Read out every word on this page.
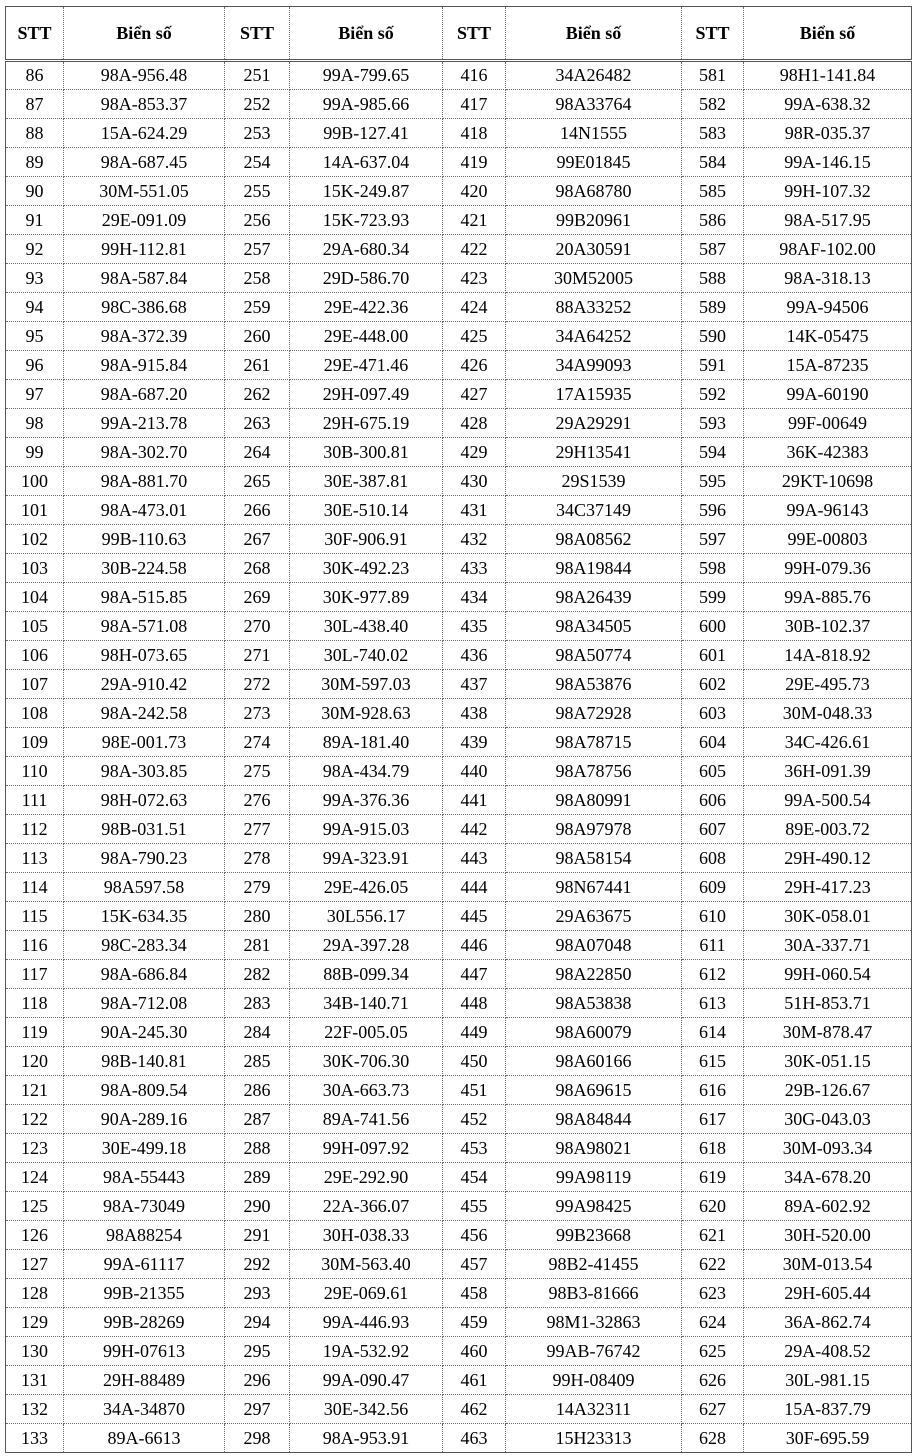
STT	Biển số	STT	Biển số	STT	Biển số	STT	Biển số
86	98A-956.48	251	99A-799.65	416	34A26482	581	98H1-141.84
87	98A-853.37	252	99A-985.66	417	98A33764	582	99A-638.32
88	15A-624.29	253	99B-127.41	418	14N1555	583	98R-035.37
89	98A-687.45	254	14A-637.04	419	99E01845	584	99A-146.15
90	30M-551.05	255	15K-249.87	420	98A68780	585	99H-107.32
91	29E-091.09	256	15K-723.93	421	99B20961	586	98A-517.95
92	99H-112.81	257	29A-680.34	422	20A30591	587	98AF-102.00
93	98A-587.84	258	29D-586.70	423	30M52005	588	98A-318.13
94	98C-386.68	259	29E-422.36	424	88A33252	589	99A-94506
95	98A-372.39	260	29E-448.00	425	34A64252	590	14K-05475
96	98A-915.84	261	29E-471.46	426	34A99093	591	15A-87235
97	98A-687.20	262	29H-097.49	427	17A15935	592	99A-60190
98	99A-213.78	263	29H-675.19	428	29A29291	593	99F-00649
99	98A-302.70	264	30B-300.81	429	29H13541	594	36K-42383
100	98A-881.70	265	30E-387.81	430	29S1539	595	29KT-10698
101	98A-473.01	266	30E-510.14	431	34C37149	596	99A-96143
102	99B-110.63	267	30F-906.91	432	98A08562	597	99E-00803
103	30B-224.58	268	30K-492.23	433	98A19844	598	99H-079.36
104	98A-515.85	269	30K-977.89	434	98A26439	599	99A-885.76
105	98A-571.08	270	30L-438.40	435	98A34505	600	30B-102.37
106	98H-073.65	271	30L-740.02	436	98A50774	601	14A-818.92
107	29A-910.42	272	30M-597.03	437	98A53876	602	29E-495.73
108	98A-242.58	273	30M-928.63	438	98A72928	603	30M-048.33
109	98E-001.73	274	89A-181.40	439	98A78715	604	34C-426.61
110	98A-303.85	275	98A-434.79	440	98A78756	605	36H-091.39
111	98H-072.63	276	99A-376.36	441	98A80991	606	99A-500.54
112	98B-031.51	277	99A-915.03	442	98A97978	607	89E-003.72
113	98A-790.23	278	99A-323.91	443	98A58154	608	29H-490.12
114	98A597.58	279	29E-426.05	444	98N67441	609	29H-417.23
115	15K-634.35	280	30L556.17	445	29A63675	610	30K-058.01
116	98C-283.34	281	29A-397.28	446	98A07048	611	30A-337.71
117	98A-686.84	282	88B-099.34	447	98A22850	612	99H-060.54
118	98A-712.08	283	34B-140.71	448	98A53838	613	51H-853.71
119	90A-245.30	284	22F-005.05	449	98A60079	614	30M-878.47
120	98B-140.81	285	30K-706.30	450	98A60166	615	30K-051.15
121	98A-809.54	286	30A-663.73	451	98A69615	616	29B-126.67
122	90A-289.16	287	89A-741.56	452	98A84844	617	30G-043.03
123	30E-499.18	288	99H-097.92	453	98A98021	618	30M-093.34
124	98A-55443	289	29E-292.90	454	99A98119	619	34A-678.20
125	98A-73049	290	22A-366.07	455	99A98425	620	89A-602.92
126	98A88254	291	30H-038.33	456	99B23668	621	30H-520.00
127	99A-61117	292	30M-563.40	457	98B2-41455	622	30M-013.54
128	99B-21355	293	29E-069.61	458	98B3-81666	623	29H-605.44
129	99B-28269	294	99A-446.93	459	98M1-32863	624	36A-862.74
130	99H-07613	295	19A-532.92	460	99AB-76742	625	29A-408.52
131	29H-88489	296	99A-090.47	461	99H-08409	626	30L-981.15
132	34A-34870	297	30E-342.56	462	14A32311	627	15A-837.79
133	89A-6613	298	98A-953.91	463	15H23313	628	30F-695.59
